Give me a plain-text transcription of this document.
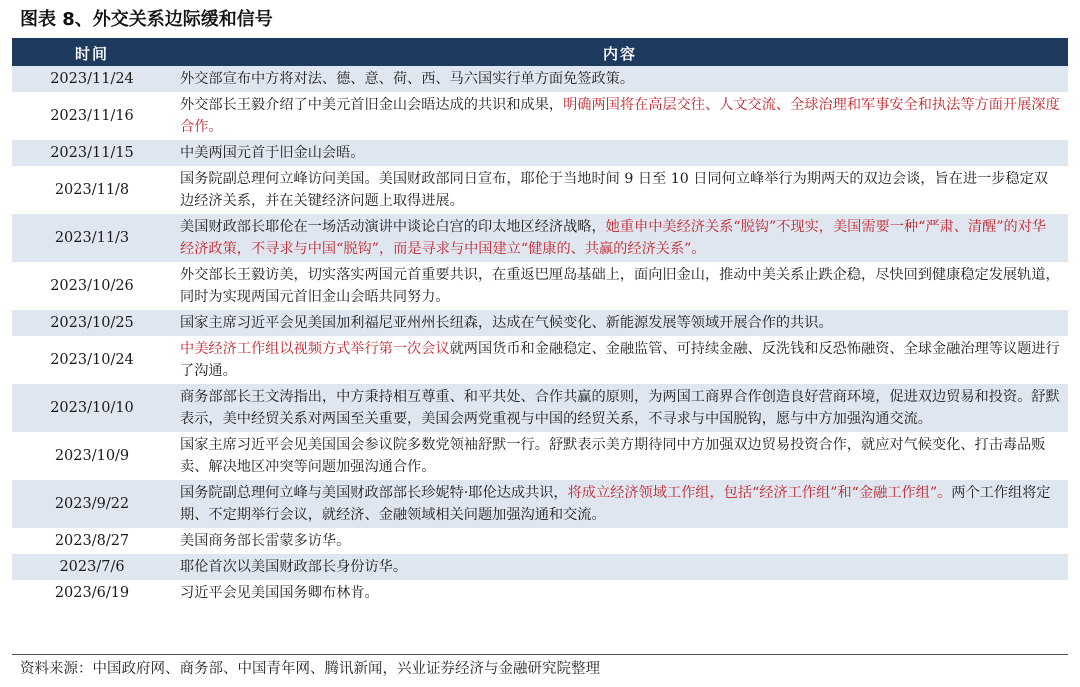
图表 8、外交关系边际缓和信号
时间	内容
2023/11/24	外交部宣布中方将对法、德、意、荷、西、马六国实行单方面免签政策。
2023/11/16	外交部长王毅介绍了中美元首旧金山会晤达成的共识和成果，明确两国将在高层交往、人文交流、全球治理和军事安全和执法等方面开展深度合作。
2023/11/15	中美两国元首于旧金山会晤。
2023/11/8	国务院副总理何立峰访问美国。美国财政部同日宣布，耶伦于当地时间 9 日至 10 日同何立峰举行为期两天的双边会谈，旨在进一步稳定双边经济关系，并在关键经济问题上取得进展。
2023/11/3	美国财政部长耶伦在一场活动演讲中谈论白宫的印太地区经济战略，她重申中美经济关系“脱钩”不现实，美国需要一种“严肃、清醒”的对华经济政策，不寻求与中国“脱钩”，而是寻求与中国建立“健康的、共赢的经济关系”。
2023/10/26	外交部长王毅访美，切实落实两国元首重要共识，在重返巴厘岛基础上，面向旧金山，推动中美关系止跌企稳，尽快回到健康稳定发展轨道，同时为实现两国元首旧金山会晤共同努力。
2023/10/25	国家主席习近平会见美国加利福尼亚州州长纽森，达成在气候变化、新能源发展等领域开展合作的共识。
2023/10/24	中美经济工作组以视频方式举行第一次会议就两国货币和金融稳定、金融监管、可持续金融、反洗钱和反恐怖融资、全球金融治理等议题进行了沟通。
2023/10/10	商务部部长王文涛指出，中方秉持相互尊重、和平共处、合作共赢的原则，为两国工商界合作创造良好营商环境，促进双边贸易和投资。舒默表示，美中经贸关系对两国至关重要，美国会两党重视与中国的经贸关系，不寻求与中国脱钩，愿与中方加强沟通交流。
2023/10/9	国家主席习近平会见美国国会参议院多数党领袖舒默一行。舒默表示美方期待同中方加强双边贸易投资合作，就应对气候变化、打击毒品贩卖、解决地区冲突等问题加强沟通合作。
2023/9/22	国务院副总理何立峰与美国财政部部长珍妮特·耶伦达成共识，将成立经济领域工作组，包括“经济工作组”和“金融工作组”。两个工作组将定期、不定期举行会议，就经济、金融领域相关问题加强沟通和交流。
2023/8/27	美国商务部长雷蒙多访华。
2023/7/6	耶伦首次以美国财政部长身份访华。
2023/6/19	习近平会见美国国务卿布林肯。
资料来源：中国政府网、商务部、中国青年网、腾讯新闻，兴业证券经济与金融研究院整理
